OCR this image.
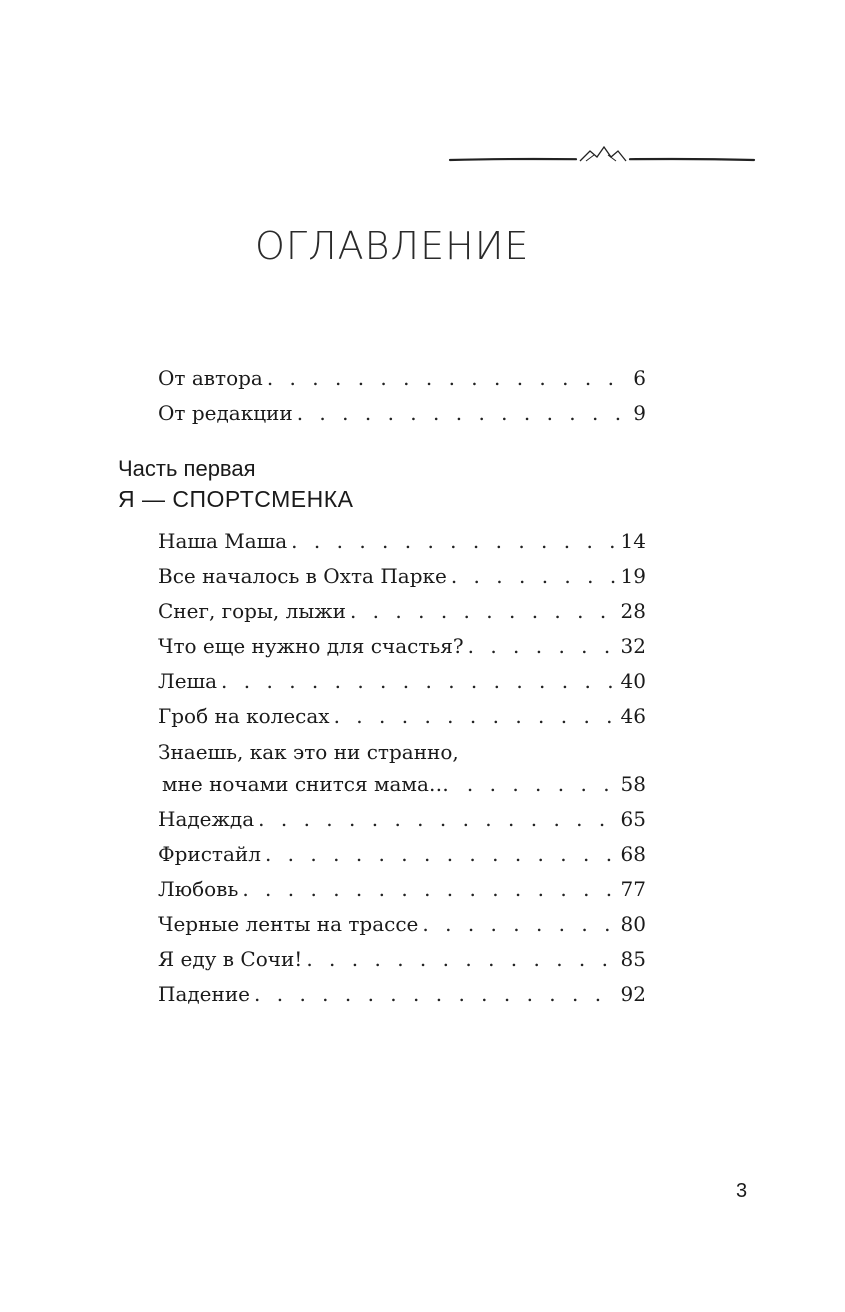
ОГЛАВЛЕНИЕ
От автора . . .	6
От редакции . . .	9
Часть первая
Я — СПОРТСМЕНКА
Наша Маша . . .	14
Все началось в Охта Парке . . .	19
Снег, горы, лыжи . . .	28
Что еще нужно для счастья? . . .	32
Леша . . .	40
Гроб на колесах . . .	46
Знаешь, как это ни странно,
мне ночами снится мама… . . .	58
Надежда . . .	65
Фристайл . . .	68
Любовь . . .	77
Черные ленты на трассе . . .	80
Я еду в Сочи! . . .	85
Падение . . .	92
3
